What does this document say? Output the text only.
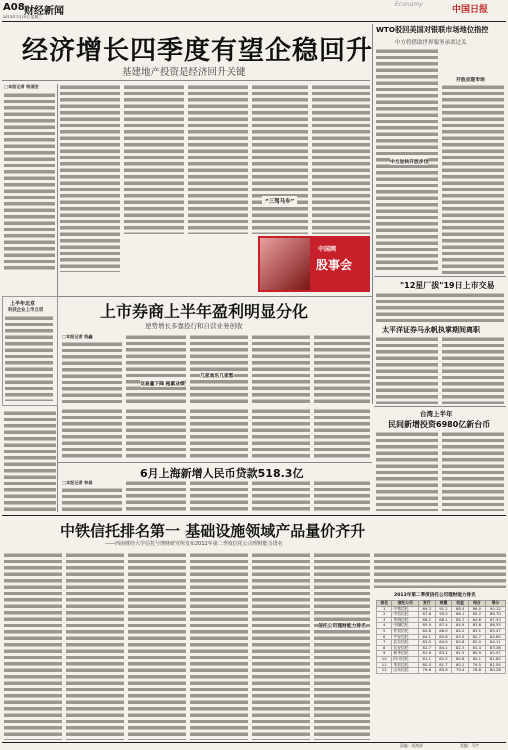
A08 财经新闻
2013年7月10日 星期三
Economy
中国日报
经济增长四季度有望企稳回升
基建地产投资是经济回升关键
□本报记者 杨国安
WTO驳回美国对银联市场地位指控
中方将借助世界服务承诺过关
开放应现市场
中方加快开放步伐
“三驾马车”
上半年北京
科技企业上市立项
中国网
股事会
上市券商上半年盈利明显分化
逆势增长多靠投行和自营业务创收
□本报记者 钱鑫
交易量下降 拖累业绩
几家欢乐几家愁
"12星厂拔"19日上市交易
太平洋证券马永帆执掌期间离职
台湾上半年
民间新增投资6980亿新台币
6月上海新增人民币贷款518.3亿
□本报记者 林昌
中铁信托排名第一 基础设施领域产品量价齐升
——西南财经大学信托与理财研究所发布2012年第二季度信托公司理财能力排名
信托公司理财能力排名
2012年第二季度信托公司理财能力排名
排名	信托公司	发行	规模	收益	综合	得分
1	中铁信托	89.3	91.2	88.4	86.0	90.12
2	中信信托	87.6	90.5	86.1	85.2	88.70
3	华润信托	86.2	88.1	85.7	84.6	87.33
4	中融信托	85.9	87.4	84.9	83.8	86.55
5	外贸信托	84.8	86.0	84.2	83.1	85.47
6	平安信托	84.1	85.6	83.5	82.7	84.80
7	北京信托	83.5	84.9	82.8	82.0	84.11
8	长安信托	82.7	84.1	82.3	81.4	83.38
9	新华信托	81.9	83.2	81.5	80.9	82.57
10	四川信托	81.1	82.5	80.8	80.1	81.82
11	华宸信托	80.4	81.7	80.1	79.5	81.05
12	山东信托	79.6	80.9	79.4	78.8	80.28
责编：张海涛	美编：马宇
